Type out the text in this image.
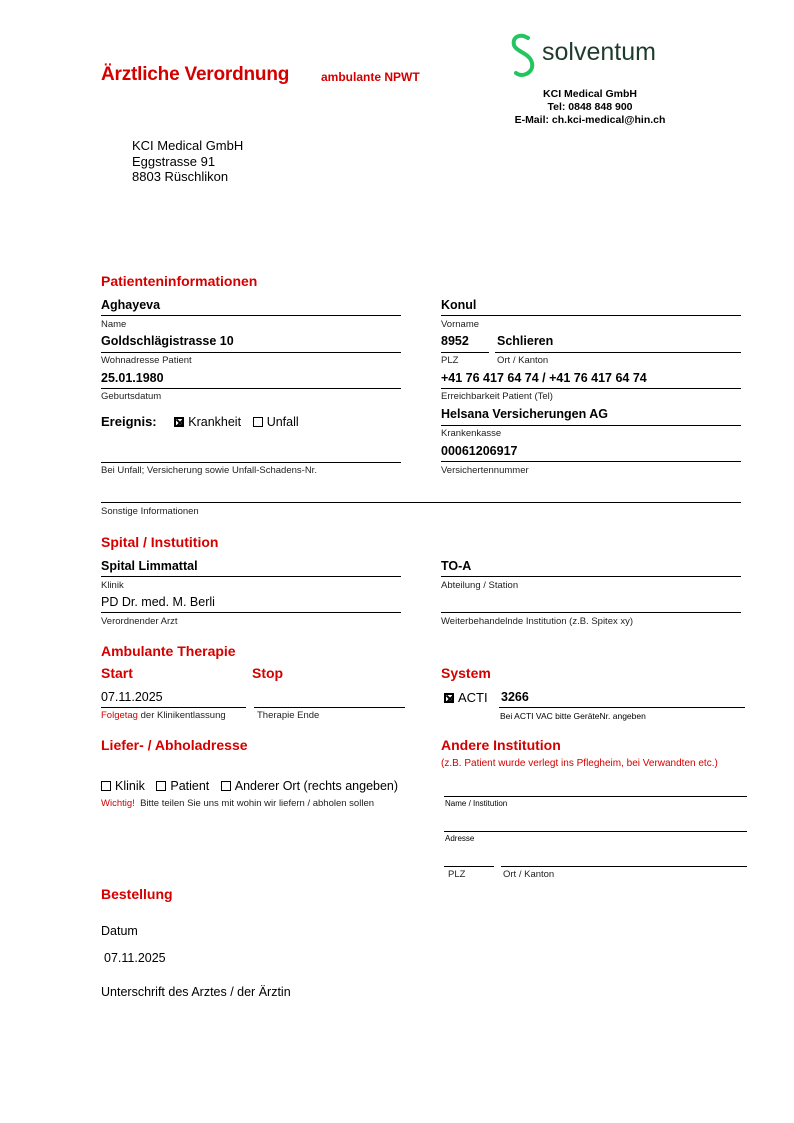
Ärztliche Verordnung	ambulante NPWT
solventum
KCI Medical GmbH
Tel: 0848 848 900
E-Mail: ch.kci-medical@hin.ch
KCI Medical GmbH
Eggstrasse 91
8803 Rüschlikon
Patienteninformationen
Aghayeva
Name
Goldschlägistrasse 10
Wohnadresse Patient
25.01.1980
Geburtsdatum
Ereignis:	Krankheit Unfall
Bei Unfall; Versicherung sowie Unfall-Schadens-Nr.
Sonstige Informationen
Konul
Vorname
8952 Schlieren
PLZ	Ort / Kanton
+41 76 417 64 74 / +41 76 417 64 74
Erreichbarkeit Patient (Tel)
Helsana Versicherungen AG
Krankenkasse
00061206917
Versichertennummer
Spital / Instutition
Spital Limmattal
Klinik
PD Dr. med. M. Berli
Verordnender Arzt
TO-A
Abteilung / Station
Weiterbehandelnde Institution (z.B. Spitex xy)
Ambulante Therapie
Start	Stop
07.11.2025
Folgetag der Klinikentlassung	Therapie Ende
System
ACTI 3266
Bei ACTI VAC bitte GeräteNr. angeben
Liefer- / Abholadresse
Klinik Patient Anderer Ort (rechts angeben)
Wichtig! Bitte teilen Sie uns mit wohin wir liefern / abholen sollen
Andere Institution
(z.B. Patient wurde verlegt ins Pflegheim, bei Verwandten etc.)
Name / Institution
Adresse
PLZ	Ort / Kanton
Bestellung
Datum
07.11.2025
Unterschrift des Arztes / der Ärztin
